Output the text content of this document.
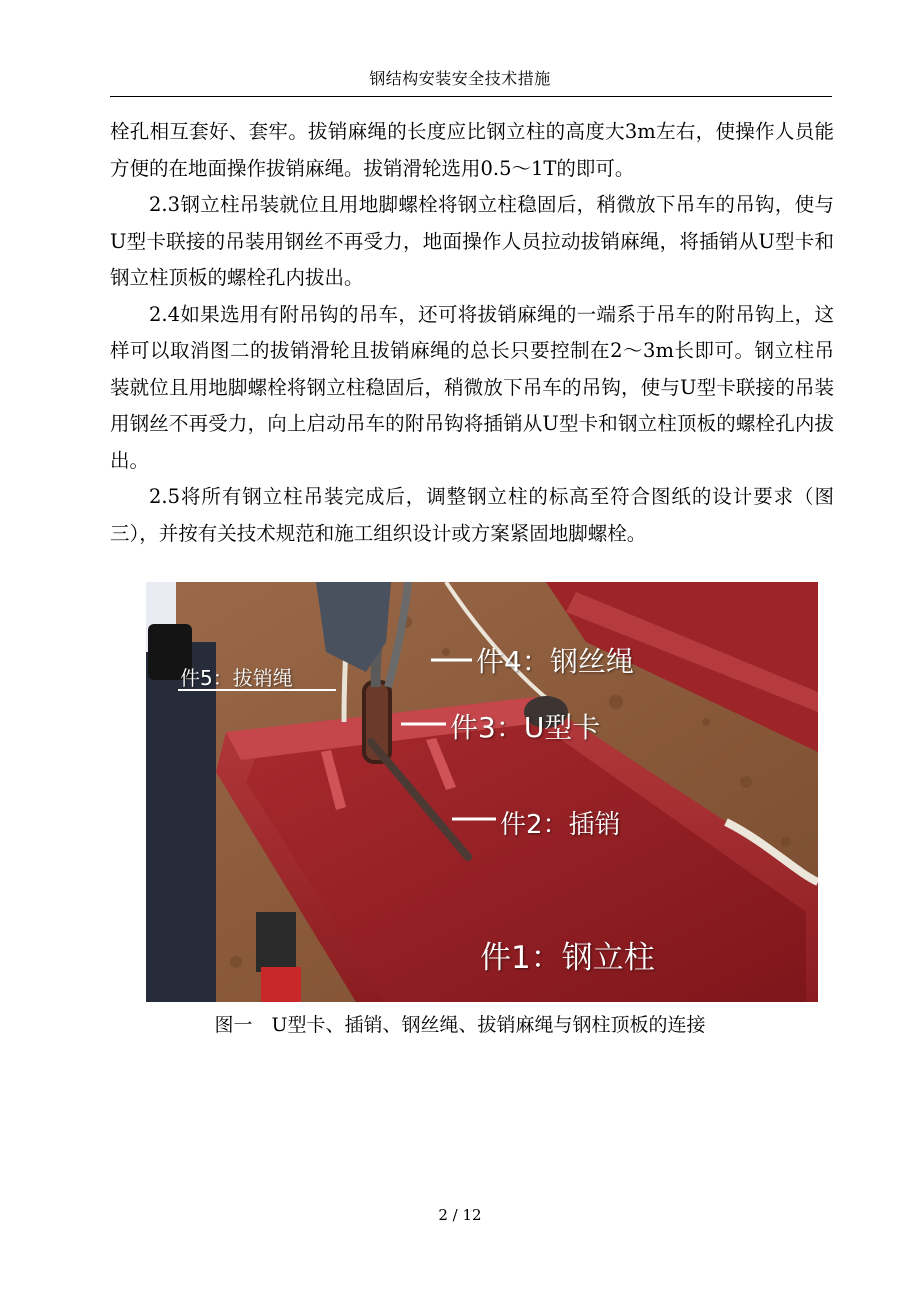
钢结构安装安全技术措施

栓孔相互套好、套牢。拔销麻绳的长度应比钢立柱的高度大3m左右，使操作人员能方便的在地面操作拔销麻绳。拔销滑轮选用0.5～1T的即可。

2.3钢立柱吊装就位且用地脚螺栓将钢立柱稳固后，稍微放下吊车的吊钩，使与U型卡联接的吊装用钢丝不再受力，地面操作人员拉动拔销麻绳，将插销从U型卡和钢立柱顶板的螺栓孔内拔出。

2.4如果选用有附吊钩的吊车，还可将拔销麻绳的一端系于吊车的附吊钩上，这样可以取消图二的拔销滑轮且拔销麻绳的总长只要控制在2～3m长即可。钢立柱吊装就位且用地脚螺栓将钢立柱稳固后，稍微放下吊车的吊钩，使与U型卡联接的吊装用钢丝不再受力，向上启动吊车的附吊钩将插销从U型卡和钢立柱顶板的螺栓孔内拔出。

2.5将所有钢立柱吊装完成后，调整钢立柱的标高至符合图纸的设计要求（图三），并按有关技术规范和施工组织设计或方案紧固地脚螺栓。

件5：拔销绳	件4：钢丝绳
件3：U型卡
件2：插销
件1：钢立柱
图一　U型卡、插销、钢丝绳、拔销麻绳与钢柱顶板的连接
2 / 12
